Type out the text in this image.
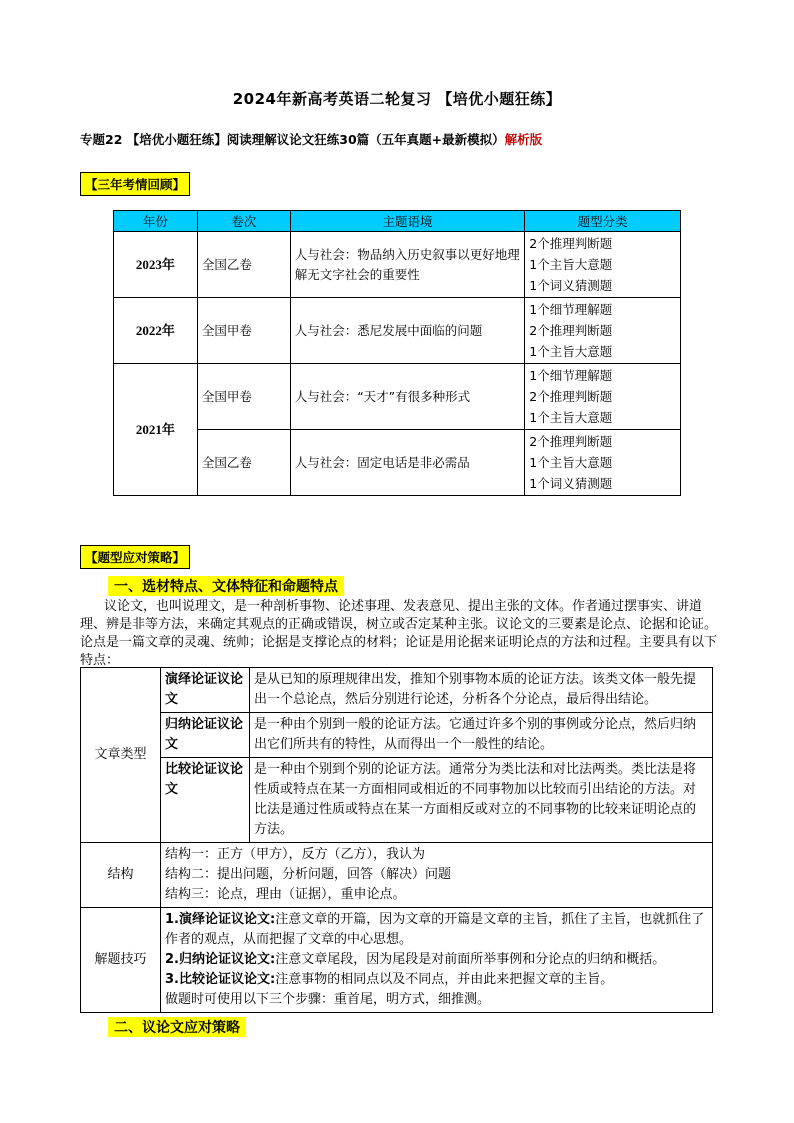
2024年新高考英语二轮复习 【培优小题狂练】
专题22 【培优小题狂练】阅读理解议论文狂练30篇（五年真题+最新模拟）解析版
【三年考情回顾】
年份	卷次	主题语境	题型分类
2023年	全国乙卷	人与社会：物品纳入历史叙事以更好地理解无文字社会的重要性	2个推理判断题
1个主旨大意题
1个词义猜测题

2022年	全国甲卷	人与社会：悉尼发展中面临的问题	1个细节理解题
2个推理判断题
1个主旨大意题

2021年	全国甲卷	人与社会：“天才”有很多种形式	1个细节理解题
2个推理判断题
1个主旨大意题

	全国乙卷	人与社会：固定电话是非必需品	2个推理判断题
1个主旨大意题
1个词义猜测题
【题型应对策略】
一、选材特点、文体特征和命题特点
议论文，也叫说理文，是一种剖析事物、论述事理、发表意见、提出主张的文体。作者通过摆事实、讲道理、辨是非等方法，来确定其观点的正确或错误，树立或否定某种主张。议论文的三要素是论点、论据和论证。论点是一篇文章的灵魂、统帅；论据是支撑论点的材料；论证是用论据来证明论点的方法和过程。主要具有以下特点：
文章类型	演绎论证议论文	是从已知的原理规律出发，推知个别事物本质的论证方法。该类文体一般先提出一个总论点，然后分别进行论述，分析各个分论点，最后得出结论。
	归纳论证议论文	是一种由个别到一般的论证方法。它通过许多个别的事例或分论点，然后归纳出它们所共有的特性，从而得出一个一般性的结论。
	比较论证议论文	是一种由个别到个别的论证方法。通常分为类比法和对比法两类。类比法是将性质或特点在某一方面相同或相近的不同事物加以比较而引出结论的方法。对比法是通过性质或特点在某一方面相反或对立的不同事物的比较来证明论点的方法。
结构	结构一：正方（甲方），反方（乙方），我认为
结构二：提出问题，分析问题，回答（解决）问题
结构三：论点，理由（证据），重申论点。	

解题技巧	1.演绎论证议论文:注意文章的开篇，因为文章的开篇是文章的主旨，抓住了主旨，也就抓住了作者的观点，从而把握了文章的中心思想。
2.归纳论证议论文:注意文章尾段，因为尾段是对前面所举事例和分论点的归纳和概括。
3.比较论证议论文:注意事物的相同点以及不同点，并由此来把握文章的主旨。
做题时可使用以下三个步骤：重首尾，明方式，细推测。	
二、议论文应对策略
